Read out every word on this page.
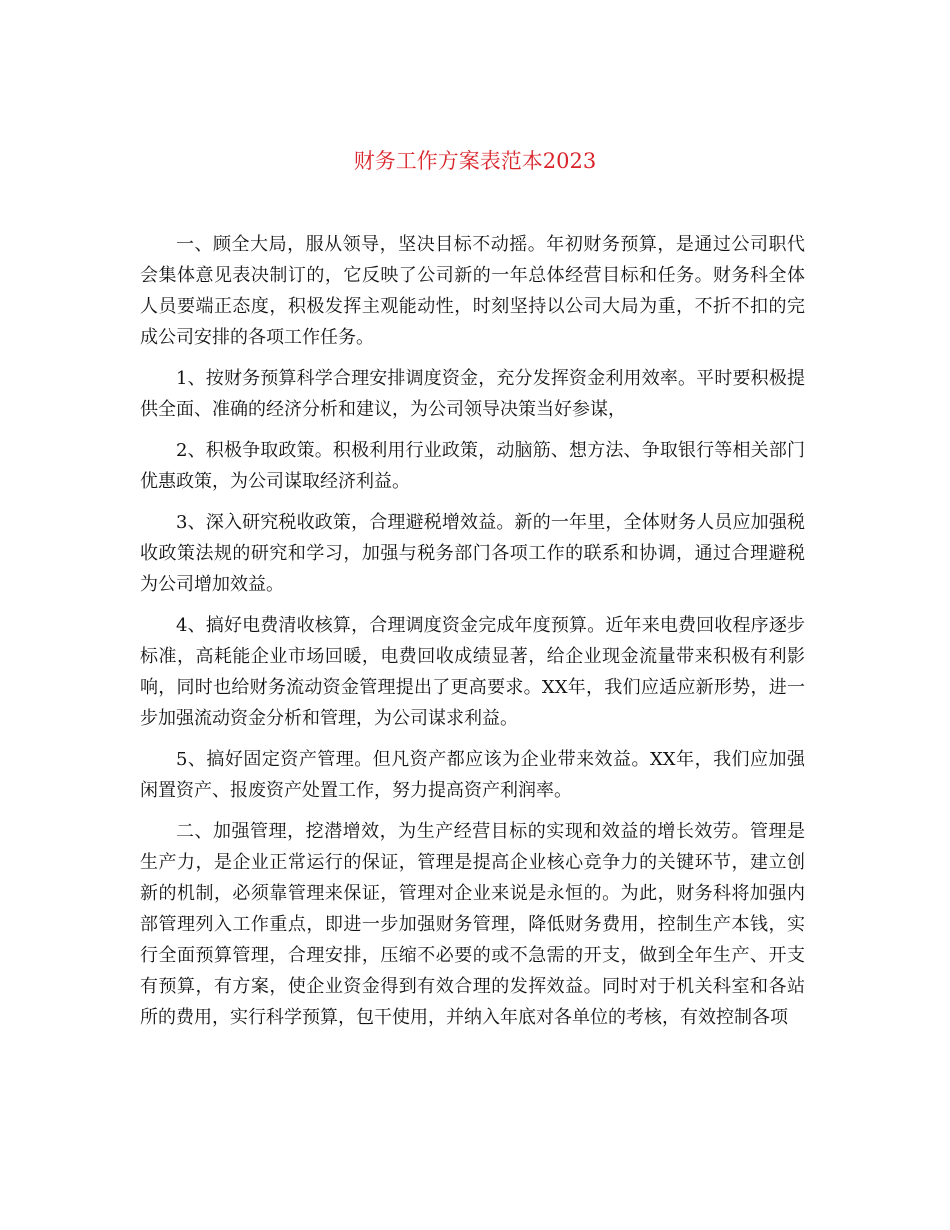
财务工作方案表范本2023

一、顾全大局，服从领导，坚决目标不动摇。年初财务预算，是通过公司职代会集体意见表决制订的，它反映了公司新的一年总体经营目标和任务。财务科全体人员要端正态度，积极发挥主观能动性，时刻坚持以公司大局为重，不折不扣的完成公司安排的各项工作任务。

1、按财务预算科学合理安排调度资金，充分发挥资金利用效率。平时要积极提供全面、准确的经济分析和建议，为公司领导决策当好参谋，

2、积极争取政策。积极利用行业政策，动脑筋、想方法、争取银行等相关部门优惠政策，为公司谋取经济利益。

3、深入研究税收政策，合理避税增效益。新的一年里，全体财务人员应加强税收政策法规的研究和学习，加强与税务部门各项工作的联系和协调，通过合理避税为公司增加效益。

4、搞好电费清收核算，合理调度资金完成年度预算。近年来电费回收程序逐步标准，高耗能企业市场回暖，电费回收成绩显著，给企业现金流量带来积极有利影响，同时也给财务流动资金管理提出了更高要求。XX年，我们应适应新形势，进一步加强流动资金分析和管理，为公司谋求利益。

5、搞好固定资产管理。但凡资产都应该为企业带来效益。XX年，我们应加强闲置资产、报废资产处置工作，努力提高资产利润率。

二、加强管理，挖潜增效，为生产经营目标的实现和效益的增长效劳。管理是生产力，是企业正常运行的保证，管理是提高企业核心竞争力的关键环节，建立创新的机制，必须靠管理来保证，管理对企业来说是永恒的。为此，财务科将加强内部管理列入工作重点，即进一步加强财务管理，降低财务费用，控制生产本钱，实行全面预算管理，合理安排，压缩不必要的或不急需的开支，做到全年生产、开支有预算，有方案，使企业资金得到有效合理的发挥效益。同时对于机关科室和各站所的费用，实行科学预算，包干使用，并纳入年底对各单位的考核，有效控制各项
